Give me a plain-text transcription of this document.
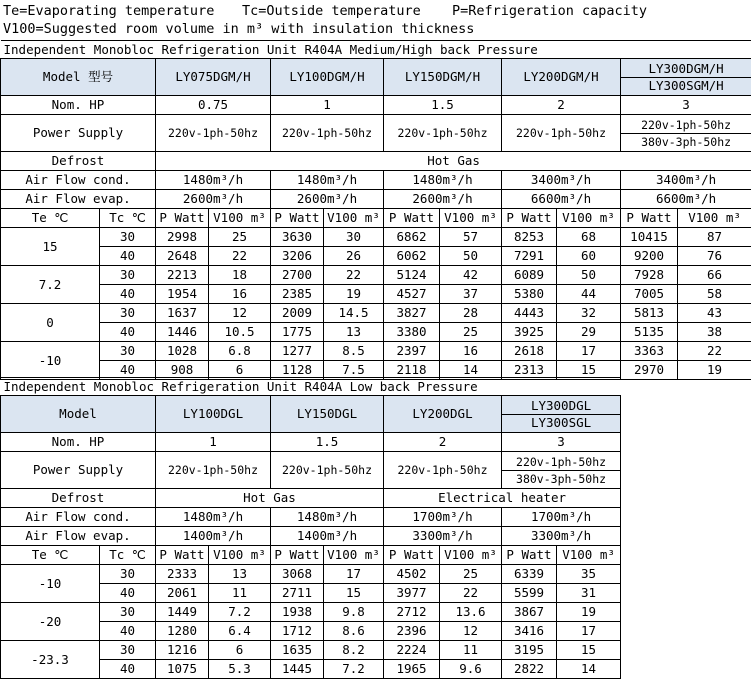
Te=Evaporating temperature Tc=Outside temperature P=Refrigeration capacity
V100=Suggested room volume in m³ with insulation thickness
Independent Monobloc Refrigeration Unit R404A Medium/High back Pressure											
Model 型号		LY075DGM/H		LY100DGM/H		LY150DGM/H		LY200DGM/H		LY300DGM/H
LY300SGM/H	

Nom. HP		0.75		1		1.5		2		3	
Power Supply		220v-1ph-50hz		220v-1ph-50hz		220v-1ph-50hz		220v-1ph-50hz		220v-1ph-50hz
380v-3ph-50hz	

Defrost		Hot Gas									
Air Flow cond.		1480m³/h		1480m³/h		1480m³/h		3400m³/h		3400m³/h	
Air Flow evap.		2600m³/h		2600m³/h		2600m³/h		6600m³/h		6600m³/h	
Te ℃	Tc ℃	P Watt	V100 m³	P Watt	V100 m³	P Watt	V100 m³	P Watt	V100 m³	P Watt	V100 m³
15	30	2998	25	3630	30	6862	57	8253	68	10415	87
	40	2648	22	3206	26	6062	50	7291	60	9200	76
7.2	30	2213	18	2700	22	5124	42	6089	50	7928	66
	40	1954	16	2385	19	4527	37	5380	44	7005	58
0	30	1637	12	2009	14.5	3827	28	4443	32	5813	43
	40	1446	10.5	1775	13	3380	25	3925	29	5135	38
-10	30	1028	6.8	1277	8.5	2397	16	2618	17	3363	22
	40	908	6	1128	7.5	2118	14	2313	15	2970	19
Independent Monobloc Refrigeration Unit R404A Low back Pressure									
Model		LY100DGL		LY150DGL		LY200DGL		LY300DGL
LY300SGL	

Nom. HP		1		1.5		2		3	
Power Supply		220v-1ph-50hz		220v-1ph-50hz		220v-1ph-50hz		220v-1ph-50hz
380v-3ph-50hz	

Defrost		Hot Gas				Electrical heater			
Air Flow cond.		1480m³/h		1480m³/h		1700m³/h		1700m³/h	
Air Flow evap.		1400m³/h		1400m³/h		3300m³/h		3300m³/h	
Te ℃	Tc ℃	P Watt	V100 m³	P Watt	V100 m³	P Watt	V100 m³	P Watt	V100 m³
-10	30	2333	13	3068	17	4502	25	6339	35
	40	2061	11	2711	15	3977	22	5599	31
-20	30	1449	7.2	1938	9.8	2712	13.6	3867	19
	40	1280	6.4	1712	8.6	2396	12	3416	17
-23.3	30	1216	6	1635	8.2	2224	11	3195	15
	40	1075	5.3	1445	7.2	1965	9.6	2822	14
